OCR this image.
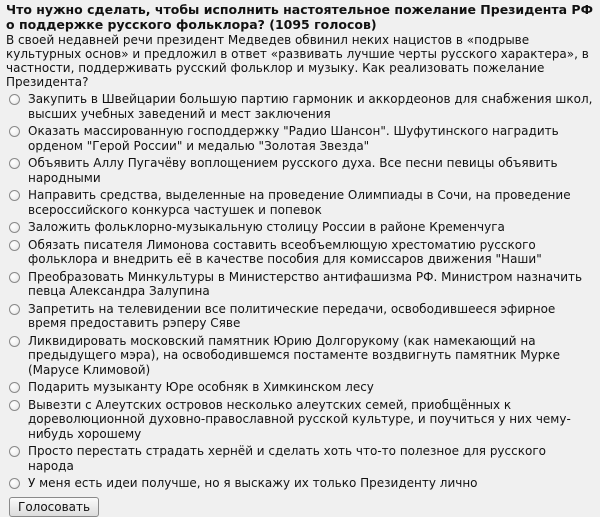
Что нужно сделать, чтобы исполнить настоятельное пожелание Президента РФ о поддержке русского фольклора? (1095 голосов)
В своей недавней речи президент Медведев обвинил неких нацистов в «подрыве культурных основ» и предложил в ответ «развивать лучшие черты русского характера», в частности, поддерживать русский фольклор и музыку. Как реализовать пожелание Президента?
Закупить в Швейцарии большую партию гармоник и аккордеонов для снабжения школ, высших учебных заведений и мест заключения
Оказать массированную господдержку "Радио Шансон". Шуфутинского наградить орденом "Герой России" и медалью "Золотая Звезда"
Объявить Аллу Пугачёву воплощением русского духа. Все песни певицы объявить народными
Направить средства, выделенные на проведение Олимпиады в Сочи, на проведение всероссийского конкурса частушек и попевок
Заложить фольклорно-музыкальную столицу России в районе Кременчуга
Обязать писателя Лимонова составить всеобъемлющую хрестоматию русского фольклора и внедрить её в качестве пособия для комиссаров движения "Наши"
Преобразовать Минкультуры в Министерство антифашизма РФ. Министром назначить певца Александра Залупина
Запретить на телевидении все политические передачи, освободившееся эфирное время предоставить рэперу Сяве
Ликвидировать московский памятник Юрию Долгорукому (как намекающий на предыдущего мэра), на освободившемся постаменте воздвигнуть памятник Мурке (Марусе Климовой)
Подарить музыканту Юре особняк в Химкинском лесу
Вывезти с Алеутских островов несколько алеутских семей, приобщённых к дореволюционной духовно-православной русской культуре, и поучиться у них чему-нибудь хорошему
Просто перестать страдать хернёй и сделать хоть что-то полезное для русского народа
У меня есть идеи получше, но я выскажу их только Президенту лично
Голосовать
